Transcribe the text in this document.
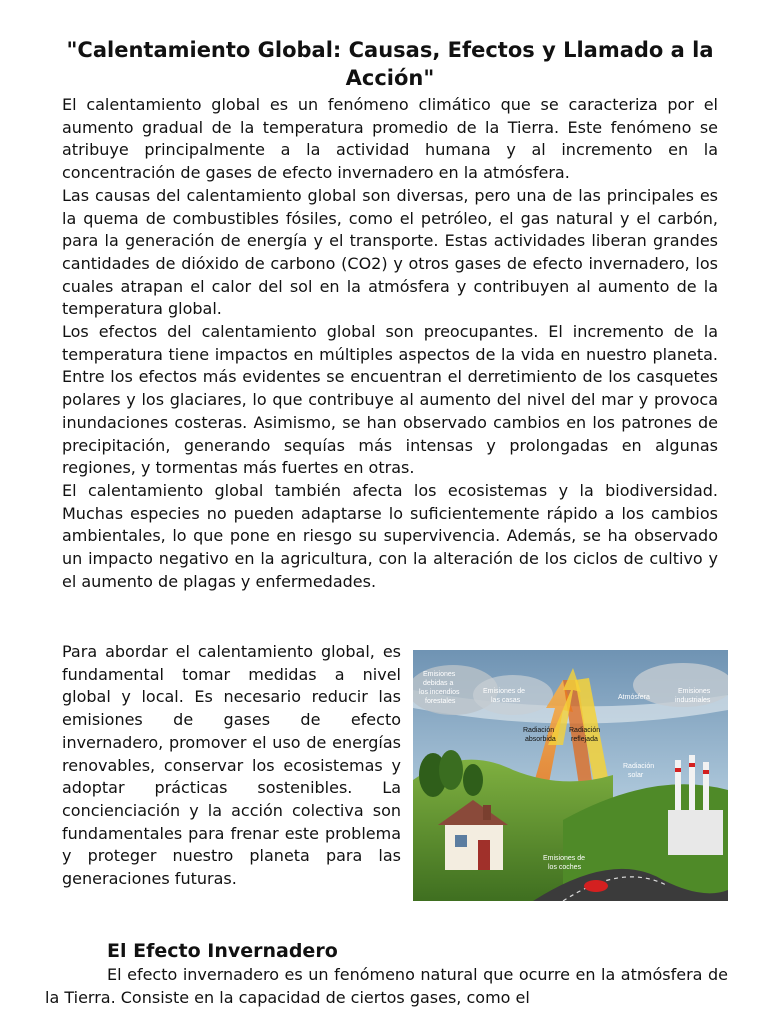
"Calentamiento Global: Causas, Efectos y Llamado a la Acción"

El calentamiento global es un fenómeno climático que se caracteriza por el aumento gradual de la temperatura promedio de la Tierra. Este fenómeno se atribuye principalmente a la actividad humana y al incremento en la concentración de gases de efecto invernadero en la atmósfera.

Las causas del calentamiento global son diversas, pero una de las principales es la quema de combustibles fósiles, como el petróleo, el gas natural y el carbón, para la generación de energía y el transporte. Estas actividades liberan grandes cantidades de dióxido de carbono (CO2) y otros gases de efecto invernadero, los cuales atrapan el calor del sol en la atmósfera y contribuyen al aumento de la temperatura global.

Los efectos del calentamiento global son preocupantes. El incremento de la temperatura tiene impactos en múltiples aspectos de la vida en nuestro planeta. Entre los efectos más evidentes se encuentran el derretimiento de los casquetes polares y los glaciares, lo que contribuye al aumento del nivel del mar y provoca inundaciones costeras. Asimismo, se han observado cambios en los patrones de precipitación, generando sequías más intensas y prolongadas en algunas regiones, y tormentas más fuertes en otras.

El calentamiento global también afecta los ecosistemas y la biodiversidad. Muchas especies no pueden adaptarse lo suficientemente rápido a los cambios ambientales, lo que pone en riesgo su supervivencia. Además, se ha observado un impacto negativo en la agricultura, con la alteración de los ciclos de cultivo y el aumento de plagas y enfermedades.

Para abordar el calentamiento global, es fundamental tomar medidas a nivel global y local. Es necesario reducir las emisiones de gases de efecto invernadero, promover el uso de energías renovables, conservar los ecosistemas y adoptar prácticas sostenibles. La concienciación y la acción colectiva son fundamentales para frenar este problema y proteger nuestro planeta para las generaciones futuras.

Emisiones
debidas a
los incendios
forestales
Emisiones de
las casas	Atmósfera
Emisiones
industriales
Radiación
solar
Emisiones de
los coches
Radiación
absorbida
Radiación
reflejada
El Efecto Invernadero

El efecto invernadero es un fenómeno natural que ocurre en la atmósfera de la Tierra. Consiste en la capacidad de ciertos gases, como el
